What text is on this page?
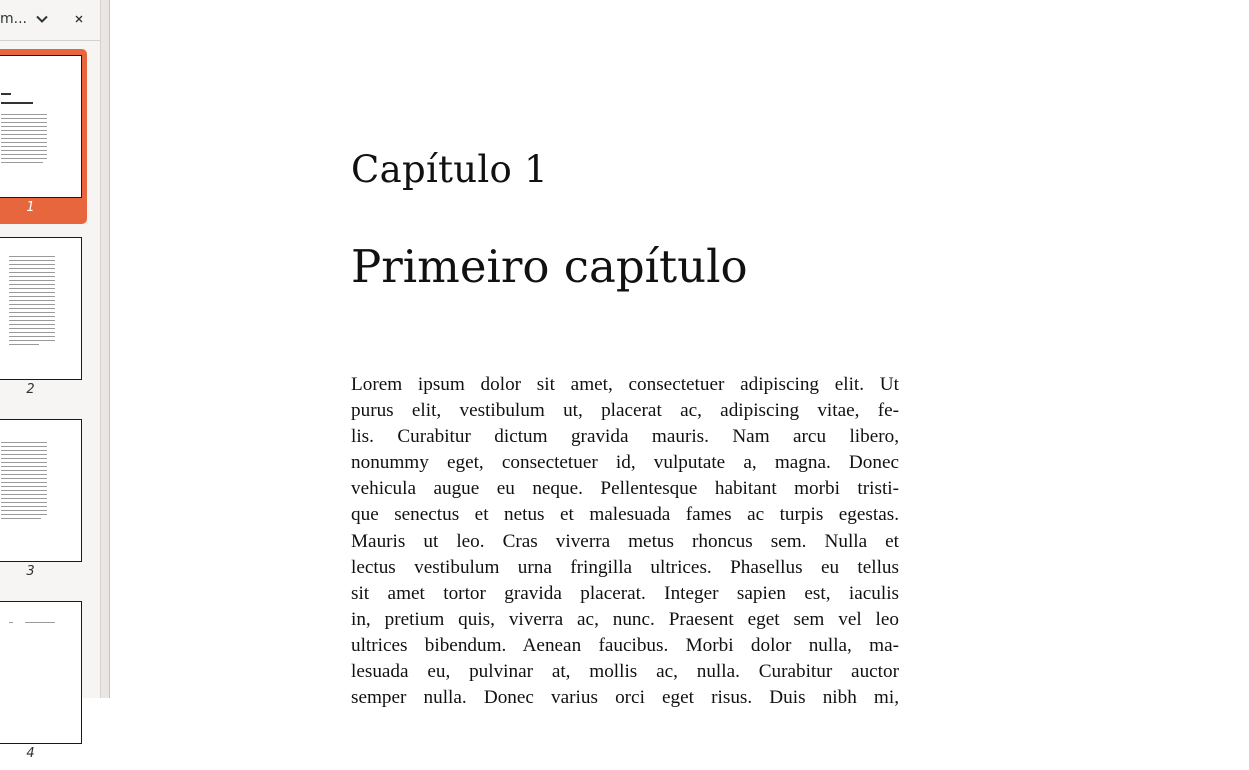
m...
1
2
3
4
Capítulo 1
Primeiro capítulo
Lorem ipsum dolor sit amet, consectetuer adipiscing elit. Ut
purus elit, vestibulum ut, placerat ac, adipiscing vitae, fe-
lis. Curabitur dictum gravida mauris. Nam arcu libero,
nonummy eget, consectetuer id, vulputate a, magna. Donec
vehicula augue eu neque. Pellentesque habitant morbi tristi-
que senectus et netus et malesuada fames ac turpis egestas.
Mauris ut leo. Cras viverra metus rhoncus sem. Nulla et
lectus vestibulum urna fringilla ultrices. Phasellus eu tellus
sit amet tortor gravida placerat. Integer sapien est, iaculis
in, pretium quis, viverra ac, nunc. Praesent eget sem vel leo
ultrices bibendum. Aenean faucibus. Morbi dolor nulla, ma-
lesuada eu, pulvinar at, mollis ac, nulla. Curabitur auctor
semper nulla. Donec varius orci eget risus. Duis nibh mi,
